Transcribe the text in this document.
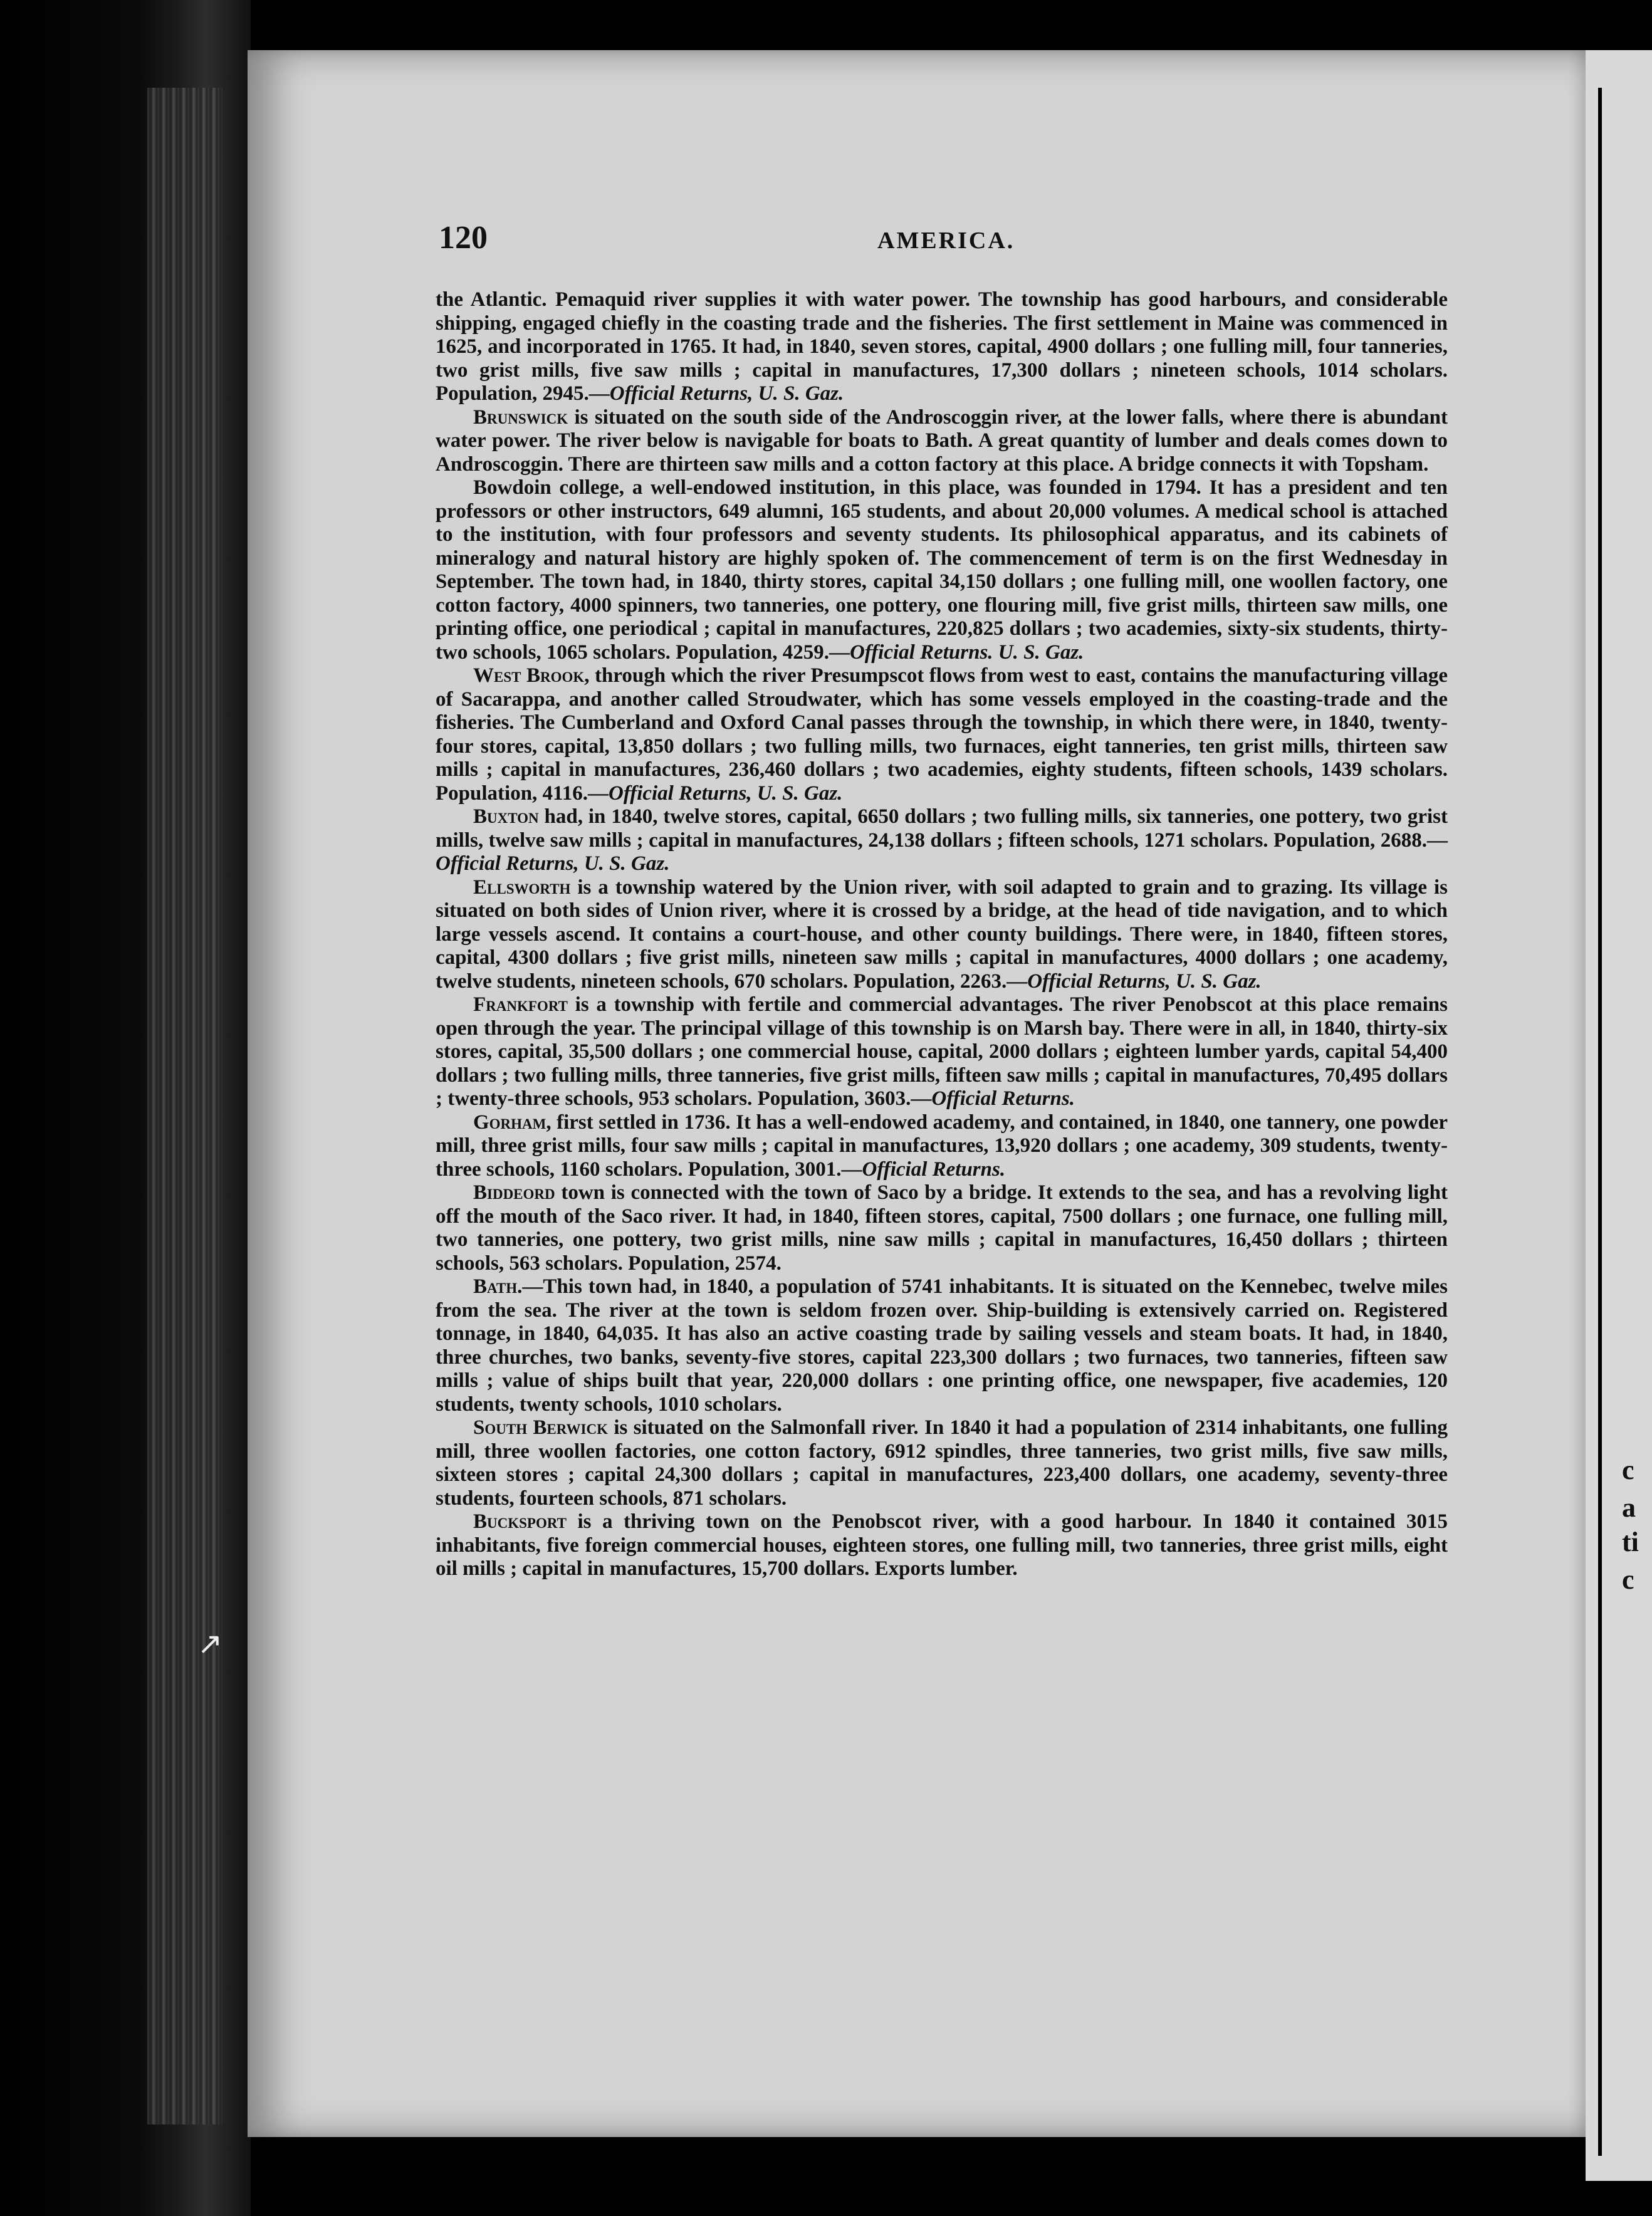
c
a
ti
c
120	AMERICA.
↗

the Atlantic. Pemaquid river supplies it with water power. The township has good harbours, and considerable shipping, engaged chiefly in the coasting trade and the fisheries. The first settlement in Maine was commenced in 1625, and incorporated in 1765. It had, in 1840, seven stores, capital, 4900 dollars ; one fulling mill, four tanneries, two grist mills, five saw mills ; capital in manufactures, 17,300 dollars ; nineteen schools, 1014 scholars. Population, 2945.—Official Returns, U. S. Gaz.

Brunswick is situated on the south side of the Androscoggin river, at the lower falls, where there is abundant water power. The river below is navigable for boats to Bath. A great quantity of lumber and deals comes down to Androscoggin. There are thirteen saw mills and a cotton factory at this place. A bridge connects it with Topsham.

Bowdoin college, a well-endowed institution, in this place, was founded in 1794. It has a president and ten professors or other instructors, 649 alumni, 165 students, and about 20,000 volumes. A medical school is attached to the institution, with four professors and seventy students. Its philosophical apparatus, and its cabinets of mineralogy and natural history are highly spoken of. The commencement of term is on the first Wednesday in September. The town had, in 1840, thirty stores, capital 34,150 dollars ; one fulling mill, one woollen factory, one cotton factory, 4000 spinners, two tanneries, one pottery, one flouring mill, five grist mills, thirteen saw mills, one printing office, one periodical ; capital in manufactures, 220,825 dollars ; two academies, sixty-six students, thirty-two schools, 1065 scholars. Population, 4259.—Official Returns. U. S. Gaz.

West Brook, through which the river Presumpscot flows from west to east, contains the manufacturing village of Sacarappa, and another called Stroudwater, which has some vessels employed in the coasting-trade and the fisheries. The Cumberland and Oxford Canal passes through the township, in which there were, in 1840, twenty-four stores, capital, 13,850 dollars ; two fulling mills, two furnaces, eight tanneries, ten grist mills, thirteen saw mills ; capital in manufactures, 236,460 dollars ; two academies, eighty students, fifteen schools, 1439 scholars. Population, 4116.—Official Returns, U. S. Gaz.

Buxton had, in 1840, twelve stores, capital, 6650 dollars ; two fulling mills, six tanneries, one pottery, two grist mills, twelve saw mills ; capital in manufactures, 24,138 dollars ; fifteen schools, 1271 scholars. Population, 2688.—Official Returns, U. S. Gaz.

Ellsworth is a township watered by the Union river, with soil adapted to grain and to grazing. Its village is situated on both sides of Union river, where it is crossed by a bridge, at the head of tide navigation, and to which large vessels ascend. It contains a court-house, and other county buildings. There were, in 1840, fifteen stores, capital, 4300 dollars ; five grist mills, nineteen saw mills ; capital in manufactures, 4000 dollars ; one academy, twelve students, nineteen schools, 670 scholars. Population, 2263.—Official Returns, U. S. Gaz.

Frankfort is a township with fertile and commercial advantages. The river Penobscot at this place remains open through the year. The principal village of this township is on Marsh bay. There were in all, in 1840, thirty-six stores, capital, 35,500 dollars ; one commercial house, capital, 2000 dollars ; eighteen lumber yards, capital 54,400 dollars ; two fulling mills, three tanneries, five grist mills, fifteen saw mills ; capital in manufactures, 70,495 dollars ; twenty-three schools, 953 scholars. Population, 3603.—Official Returns.

Gorham, first settled in 1736. It has a well-endowed academy, and contained, in 1840, one tannery, one powder mill, three grist mills, four saw mills ; capital in manufactures, 13,920 dollars ; one academy, 309 students, twenty-three schools, 1160 scholars. Population, 3001.—Official Returns.

Biddeord town is connected with the town of Saco by a bridge. It extends to the sea, and has a revolving light off the mouth of the Saco river. It had, in 1840, fifteen stores, capital, 7500 dollars ; one furnace, one fulling mill, two tanneries, one pottery, two grist mills, nine saw mills ; capital in manufactures, 16,450 dollars ; thirteen schools, 563 scholars. Population, 2574.

Bath.—This town had, in 1840, a population of 5741 inhabitants. It is situated on the Kennebec, twelve miles from the sea. The river at the town is seldom frozen over. Ship-building is extensively carried on. Registered tonnage, in 1840, 64,035. It has also an active coasting trade by sailing vessels and steam boats. It had, in 1840, three churches, two banks, seventy-five stores, capital 223,300 dollars ; two furnaces, two tanneries, fifteen saw mills ; value of ships built that year, 220,000 dollars : one printing office, one newspaper, five academies, 120 students, twenty schools, 1010 scholars.

South Berwick is situated on the Salmonfall river. In 1840 it had a population of 2314 inhabitants, one fulling mill, three woollen factories, one cotton factory, 6912 spindles, three tanneries, two grist mills, five saw mills, sixteen stores ; capital 24,300 dollars ; capital in manufactures, 223,400 dollars, one academy, seventy-three students, fourteen schools, 871 scholars.

Bucksport is a thriving town on the Penobscot river, with a good harbour. In 1840 it contained 3015 inhabitants, five foreign commercial houses, eighteen stores, one fulling mill, two tanneries, three grist mills, eight oil mills ; capital in manufactures, 15,700 dollars. Exports lumber.
